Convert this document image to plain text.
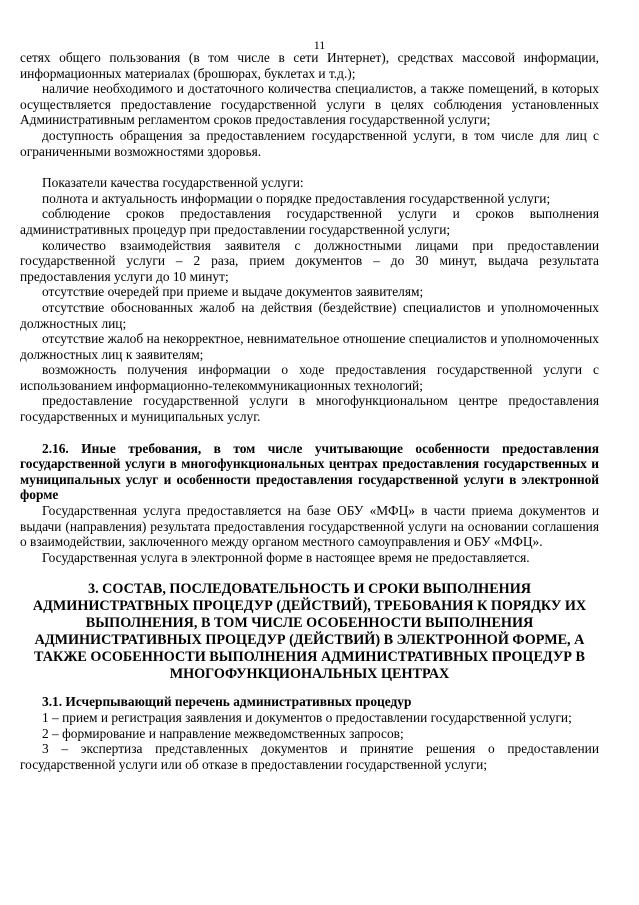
11

сетях общего пользования (в том числе в сети Интернет), средствах массовой информации, информационных материалах (брошюрах, буклетах и т.д.);

наличие необходимого и достаточного количества специалистов, а также помещений, в которых осуществляется предоставление государственной услуги в целях соблюдения установленных Административным регламентом сроков предоставления государственной услуги;

доступность обращения за предоставлением государственной услуги, в том числе для лиц с ограниченными возможностями здоровья.

Показатели качества государственной услуги:

полнота и актуальность информации о порядке предоставления государственной услуги;

соблюдение сроков предоставления государственной услуги и сроков выполнения административных процедур при предоставлении государственной услуги;

количество взаимодействия заявителя с должностными лицами при предоставлении государственной услуги – 2 раза, прием документов – до 30 минут, выдача результата предоставления услуги до 10 минут;

отсутствие очередей при приеме и выдаче документов заявителям;

отсутствие обоснованных жалоб на действия (бездействие) специалистов и уполномоченных должностных лиц;

отсутствие жалоб на некорректное, невнимательное отношение специалистов и уполномоченных должностных лиц к заявителям;

возможность получения информации о ходе предоставления государственной услуги с использованием информационно-телекоммуникационных технологий;

предоставление государственной услуги в многофункциональном центре предоставления государственных и муниципальных услуг.

2.16. Иные требования, в том числе учитывающие особенности предоставления государственной услуги в многофункциональных центрах предоставления государственных и муниципальных услуг и особенности предоставления государственной услуги в электронной форме

Государственная услуга предоставляется на базе ОБУ «МФЦ» в части приема документов и выдачи (направления) результата предоставления государственной услуги на основании соглашения о взаимодействии, заключенного между органом местного самоуправления и ОБУ «МФЦ».

Государственная услуга в электронной форме в настоящее время не предоставляется.

3. СОСТАВ, ПОСЛЕДОВАТЕЛЬНОСТЬ И СРОКИ ВЫПОЛНЕНИЯ АДМИНИСТРАТВНЫХ ПРОЦЕДУР (ДЕЙСТВИЙ), ТРЕБОВАНИЯ К ПОРЯДКУ ИХ ВЫПОЛНЕНИЯ, В ТОМ ЧИСЛЕ ОСОБЕННОСТИ ВЫПОЛНЕНИЯ АДМИНИСТРАТИВНЫХ ПРОЦЕДУР (ДЕЙСТВИЙ) В ЭЛЕКТРОННОЙ ФОРМЕ, А ТАКЖЕ ОСОБЕННОСТИ ВЫПОЛНЕНИЯ АДМИНИСТРАТИВНЫХ ПРОЦЕДУР В МНОГОФУНКЦИОНАЛЬНЫХ ЦЕНТРАХ

3.1. Исчерпывающий перечень административных процедур

1 – прием и регистрация заявления и документов о предоставлении государственной услуги;

2 – формирование и направление межведомственных запросов;

3 – экспертиза представленных документов и принятие решения о предоставлении государственной услуги или об отказе в предоставлении государственной услуги;
